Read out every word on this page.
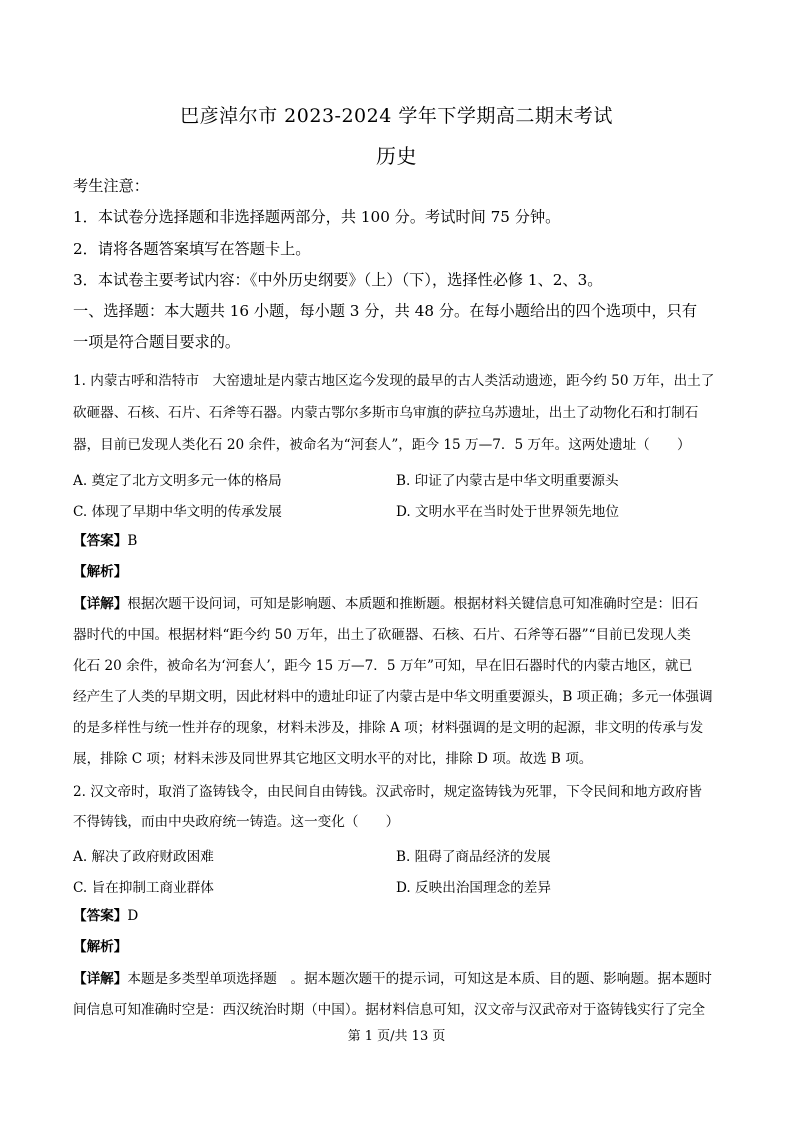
巴彦淖尔市 2023-2024 学年下学期高二期末考试
历史
考生注意：
1．本试卷分选择题和非选择题两部分，共 100 分。考试时间 75 分钟。
2．请将各题答案填写在答题卡上。
3．本试卷主要考试内容：《中外历史纲要》（上）（下），选择性必修 1、2、3。
一、选择题：本大题共 16 小题，每小题 3 分，共 48 分。在每小题给出的四个选项中，只有
一项是符合题目要求的。
1. 内蒙古呼和浩特市　大窑遗址是内蒙古地区迄今发现的最早的古人类活动遗迹，距今约 50 万年，出土了
砍砸器、石核、石片、石斧等石器。内蒙古鄂尔多斯市乌审旗的萨拉乌苏遗址，出土了动物化石和打制石
器，目前已发现人类化石 20 余件，被命名为“河套人”，距今 15 万—7．5 万年。这两处遗址（　　）
A. 奠定了北方文明多元一体的格局	B. 印证了内蒙古是中华文明重要源头
C. 体现了早期中华文明的传承发展	D. 文明水平在当时处于世界领先地位
【答案】B
【解析】
【详解】根据次题干设问词，可知是影响题、本质题和推断题。根据材料关键信息可知准确时空是：旧石
器时代的中国。根据材料“距今约 50 万年，出土了砍砸器、石核、石片、石斧等石器”“目前已发现人类
化石 20 余件，被命名为‘河套人’，距今 15 万—7．5 万年”可知，早在旧石器时代的内蒙古地区，就已
经产生了人类的早期文明，因此材料中的遗址印证了内蒙古是中华文明重要源头，B 项正确；多元一体强调
的是多样性与统一性并存的现象，材料未涉及，排除 A 项；材料强调的是文明的起源，非文明的传承与发
展，排除 C 项；材料未涉及同世界其它地区文明水平的对比，排除 D 项。故选 B 项。
2. 汉文帝时，取消了盗铸钱令，由民间自由铸钱。汉武帝时，规定盗铸钱为死罪，下令民间和地方政府皆
不得铸钱，而由中央政府统一铸造。这一变化（　　）
A. 解决了政府财政困难	B. 阻碍了商品经济的发展
C. 旨在抑制工商业群体	D. 反映出治国理念的差异
【答案】D
【解析】
【详解】本题是多类型单项选择题　。据本题次题干的提示词，可知这是本质、目的题、影响题。据本题时
间信息可知准确时空是：西汉统治时期（中国）。据材料信息可知，汉文帝与汉武帝对于盗铸钱实行了完全
第 1 页/共 13 页
